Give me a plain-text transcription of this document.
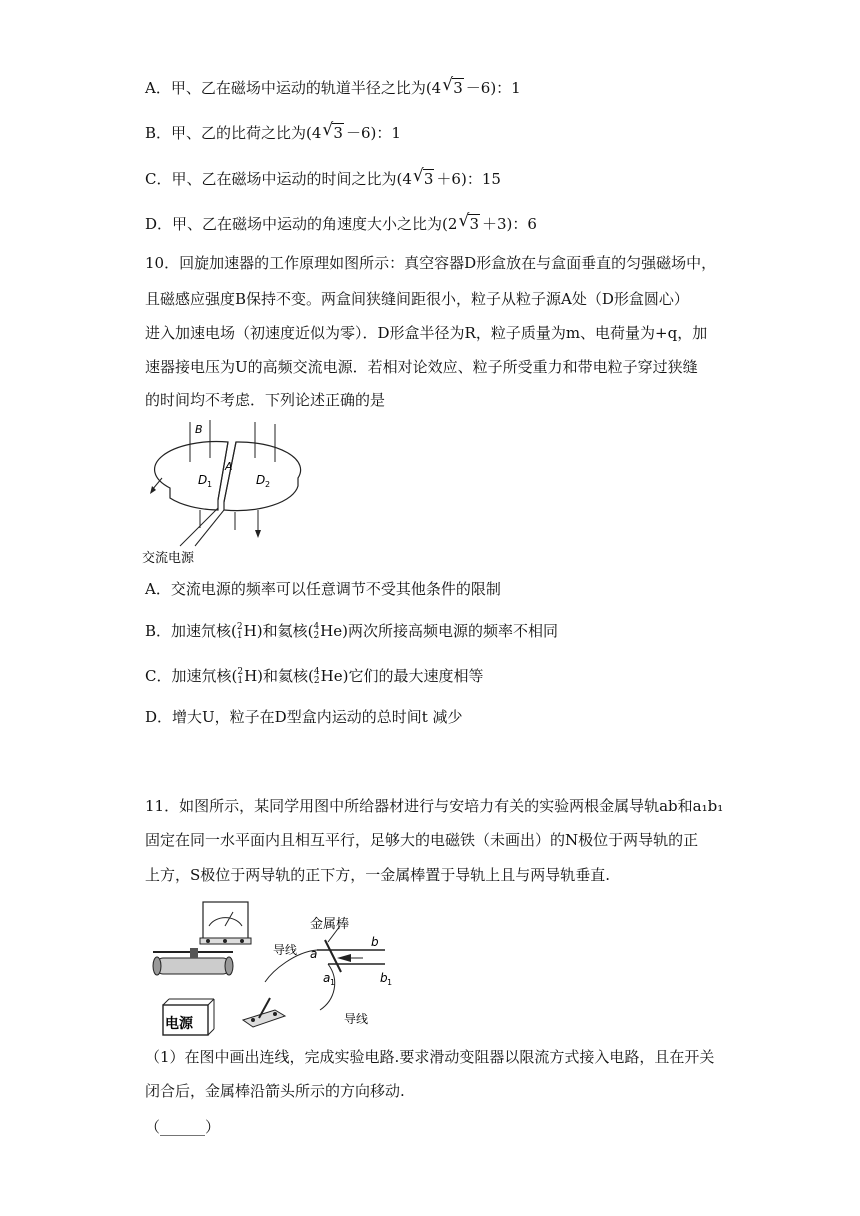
A．甲、乙在磁场中运动的轨道半径之比为(4 √ 3 －6)：1
B．甲、乙的比荷之比为(4 √ 3 －6)：1
C．甲、乙在磁场中运动的时间之比为(4 √ 3 ＋6)：15
D．甲、乙在磁场中运动的角速度大小之比为(2 √ 3 ＋3)：6
10．回旋加速器的工作原理如图所示：真空容器D形盒放在与盒面垂直的匀强磁场中，
且磁感应强度B保持不变。两盒间狭缝间距很小，粒子从粒子源A处（D形盒圆心）
进入加速电场（初速度近似为零）．D形盒半径为R，粒子质量为m、电荷量为+q，加
速器接电压为U的高频交流电源．若相对论效应、粒子所受重力和带电粒子穿过狭缝
的时间均不考虑．下列论述正确的是
B
A
D 1	D 2
交流电源
A．交流电源的频率可以任意调节不受其他条件的限制
B．加速氘核( 2
1 H)和氦核( 4
2 He)两次所接高频电源的频率不相同
C．加速氘核( 2
1 H)和氦核( 4
2 He)它们的最大速度相等
D．增大U，粒子在D型盒内运动的总时间t 减少
11．如图所示，某同学用图中所给器材进行与安培力有关的实验两根金属导轨ab和a₁b₁
固定在同一水平面内且相互平行，足够大的电磁铁（未画出）的N极位于两导轨的正
上方，S极位于两导轨的正下方，一金属棒置于导轨上且与两导轨垂直.
电源
金属棒
导线
导线
a
b
a 1	b 1
（1）在图中画出连线，完成实验电路.要求滑动变阻器以限流方式接入电路，且在开关
闭合后，金属棒沿箭头所示的方向移动.
（______）
